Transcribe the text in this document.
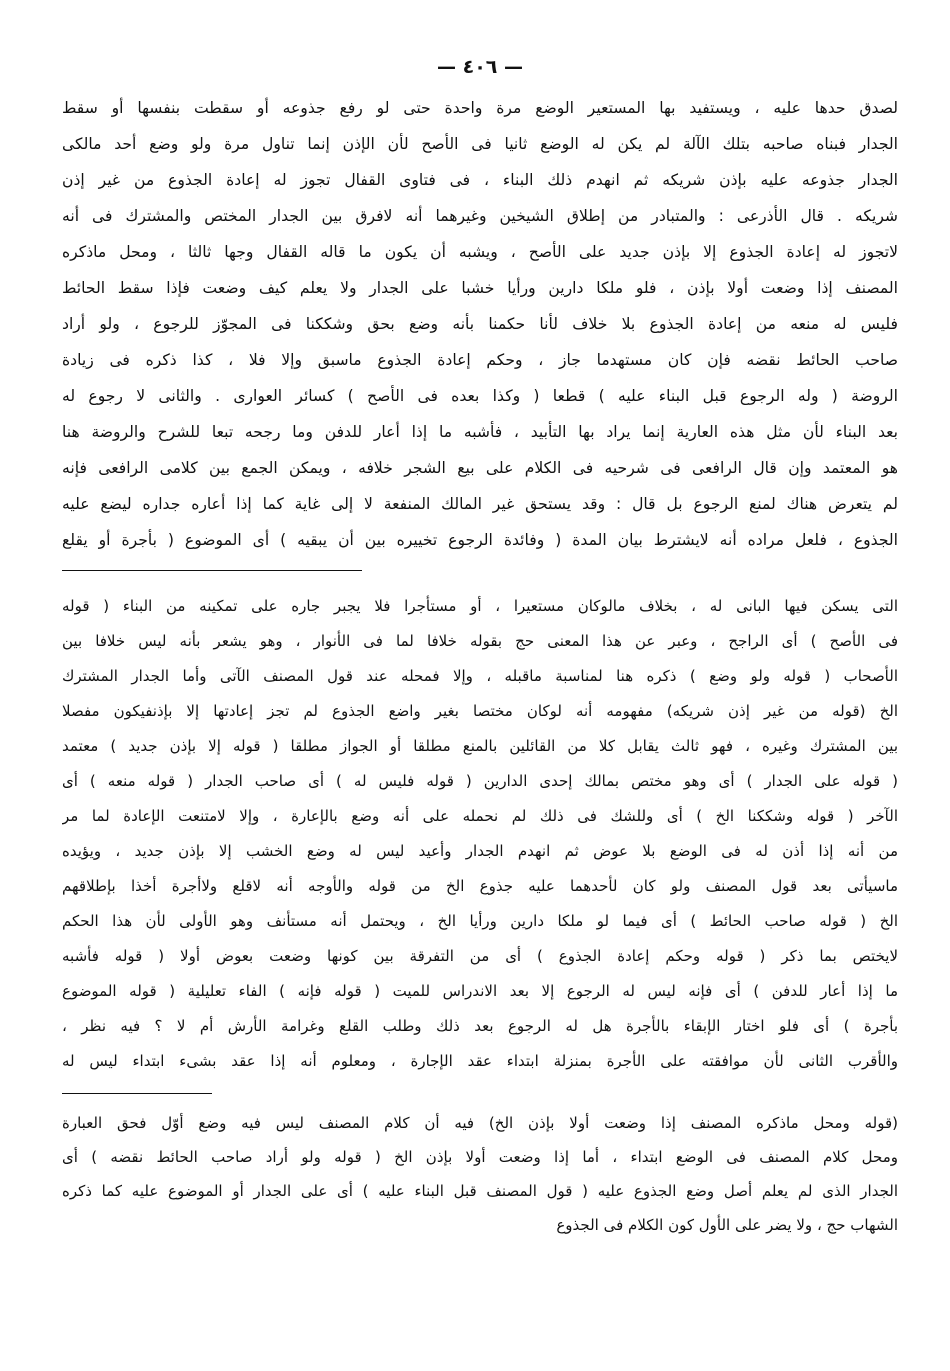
— ٤٠٦ —
لصدق حدها عليه ، ويستفيد بها المستعير الوضع مرة واحدة حتى لو رفع جذوعه أو سقطت بنفسها أو سقط
الجدار فبناه صاحبه بتلك الآلة لم يكن له الوضع ثانيا فى الأصح لأن الإذن إنما تناول مرة ولو وضع أحد مالكى
الجدار جذوعه عليه بإذن شريكه ثم انهدم ذلك البناء ، فى فتاوى القفال تجوز له إعادة الجذوع من غير إذن
شريكه . قال الأذرعى : والمتبادر من إطلاق الشيخين وغيرهما أنه لافرق بين الجدار المختص والمشترك فى أنه
لاتجوز له إعادة الجذوع إلا بإذن جديد على الأصح ، ويشبه أن يكون ما قاله القفال وجها ثالثا ، ومحل ماذكره
المصنف إذا وضعت أولا بإذن ، فلو ملكا دارين ورأيا خشبا على الجدار ولا يعلم كيف وضعت فإذا سقط الحائط
فليس له منعه من إعادة الجذوع بلا خلاف لأنا حكمنا بأنه وضع بحق وشككنا فى المجوّز للرجوع ، ولو أراد
صاحب الحائط نقضه فإن كان مستهدما جاز ، وحكم إعادة الجذوع ماسبق وإلا فلا ، كذا ذكره فى زيادة
الروضة ( وله الرجوع قبل البناء عليه ) قطعا ( وكذا بعده فى الأصح ) كسائر العوارى . والثانى لا رجوع له
بعد البناء لأن مثل هذه العارية إنما يراد بها التأبيد ، فأشبه ما إذا أعار للدفن وما رجحه تبعا للشرح والروضة هنا
هو المعتمد وإن قال الرافعى فى شرحيه فى الكلام على بيع الشجر خلافه ، ويمكن الجمع بين كلامى الرافعى فإنه
لم يتعرض هناك لمنع الرجوع بل قال : وقد يستحق غير المالك المنفعة لا إلى غاية كما إذا أعاره جداره ليضع عليه
الجذوع ، فلعل مراده أنه لايشترط بيان المدة ( وفائدة الرجوع تخييره بين أن يبقيه ) أى الموضوع ( بأجرة أو يقلع
التى يسكن فيها البانى له ، بخلاف مالوكان مستعيرا ، أو مستأجرا فلا يجبر جاره على تمكينه من البناء ( قوله
فى الأصح ) أى الراجح ، وعبر عن هذا المعنى حج بقوله خلافا لما فى الأنوار ، وهو يشعر بأنه ليس خلافا بين
الأصحاب ( قوله ولو وضع ) ذكره هنا لمناسبة ماقبله ، وإلا فمحله عند قول المصنف الآتى وأما الجدار المشترك
الخ (قوله من غير إذن شريكه) مفهومه أنه لوكان مختصا بغير واضع الجذوع لم تجز إعادتها إلا بإذنفيكون مفصلا
بين المشترك وغيره ، فهو ثالث يقابل كلا من القائلين بالمنع مطلقا أو الجواز مطلقا ( قوله إلا بإذن جديد ) معتمد
( قوله على الجدار ) أى وهو مختص بمالك إحدى الدارين ( قوله فليس له ) أى صاحب الجدار ( قوله منعه ) أى
الآخر ( قوله وشككنا الخ ) أى وللشك فى ذلك لم نحمله على أنه وضع بالإعارة ، وإلا لامتنعت الإعادة لما مر
من أنه إذا أذن له فى الوضع بلا عوض ثم انهدم الجدار وأعيد ليس له وضع الخشب إلا بإذن جديد ، ويؤيده
ماسيأتى بعد قول المصنف ولو كان لأحدهما عليه جذوع الخ من قوله والأوجه أنه لاقلع ولاأجرة أخذا بإطلاقهم
الخ ( قوله صاحب الحائط ) أى فيما لو ملكا دارين ورأيا الخ ، ويحتمل أنه مستأنف وهو الأولى لأن هذا الحكم
لايختص بما ذكر ( قوله وحكم إعادة الجذوع ) أى من التفرقة بين كونها وضعت بعوض أولا ( قوله فأشبه
ما إذا أعار للدفن ) أى فإنه ليس له الرجوع إلا بعد الاندراس للميت ( قوله فإنه ) الفاء تعليلية ( قوله الموضوع
بأجرة ) أى فلو اختار الإبقاء بالأجرة هل له الرجوع بعد ذلك وطلب القلع وغرامة الأرش أم لا ؟ فيه نظر ،
والأقرب الثانى لأن موافقته على الأجرة بمنزلة ابتداء عقد الإجارة ، ومعلوم أنه إذا عقد بشىء ابتداء ليس له
(قوله ومحل ماذكره المصنف إذا وضعت أولا بإذن الخ) فيه أن كلام المصنف ليس فيه وضع أوّل فحق العبارة
ومحل كلام المصنف فى الوضع ابتداء ، أما إذا وضعت أولا بإذن الخ ( قوله ولو أراد صاحب الحائط نقضه ) أى
الجدار الذى لم يعلم أصل وضع الجذوع عليه ( قول المصنف قبل البناء عليه ) أى على الجدار أو الموضوع عليه كما ذكره
الشهاب حج ، ولا يضر على الأول كون الكلام فى الجذوع
